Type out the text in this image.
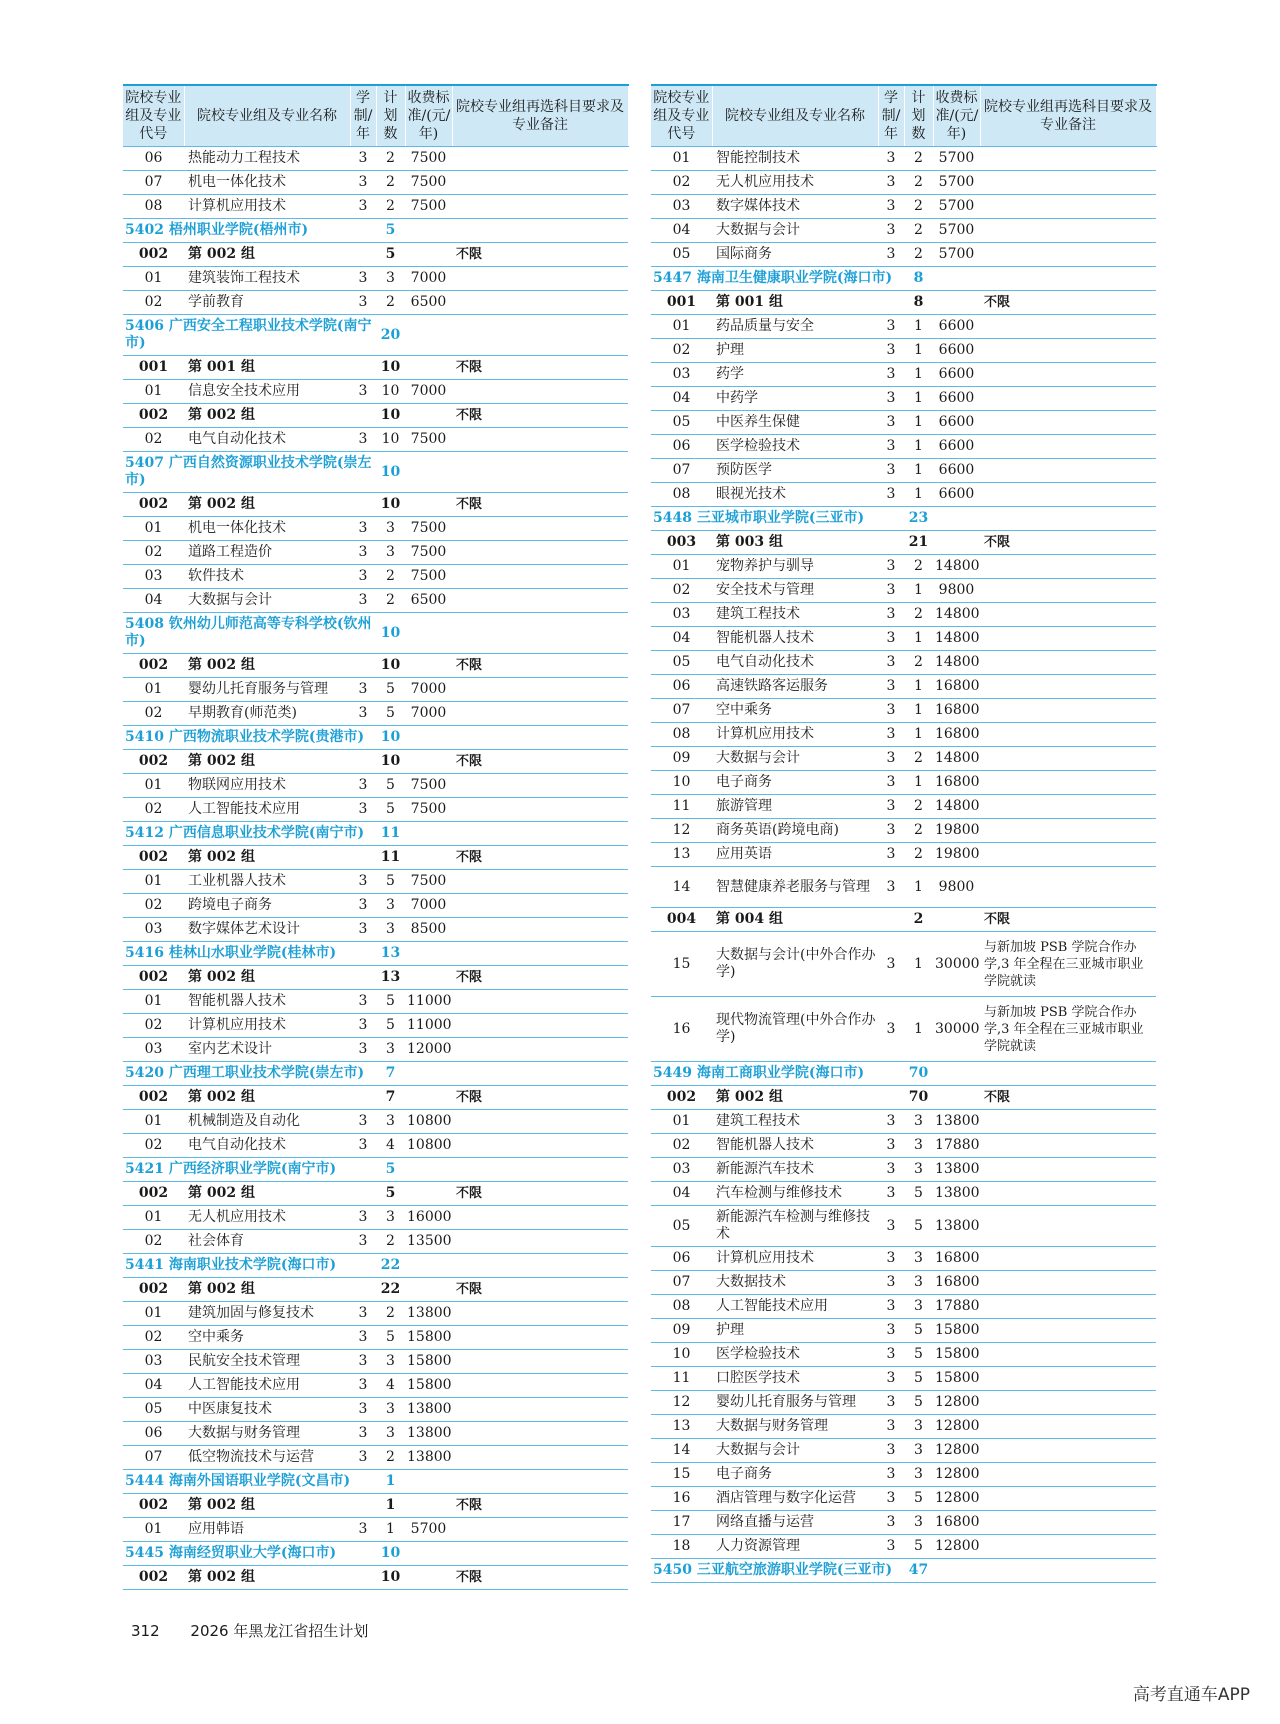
院校专业组及专业代号	院校专业组及专业名称	学制/年	计划数	收费标准/(元/年)	院校专业组再选科目要求及专业备注
06	热能动力工程技术	3	2	7500	
07	机电一体化技术	3	2	7500	
08	计算机应用技术	3	2	7500	
5402 梧州职业学院(梧州市)			5		
002	第 002 组		5		不限
01	建筑装饰工程技术	3	3	7000	
02	学前教育	3	2	6500	
5406 广西安全工程职业技术学院(南宁市)			20		
001	第 001 组		10		不限
01	信息安全技术应用	3	10	7000	
002	第 002 组		10		不限
02	电气自动化技术	3	10	7500	
5407 广西自然资源职业技术学院(崇左市)			10		
002	第 002 组		10		不限
01	机电一体化技术	3	3	7500	
02	道路工程造价	3	3	7500	
03	软件技术	3	2	7500	
04	大数据与会计	3	2	6500	
5408 钦州幼儿师范高等专科学校(钦州市)			10		
002	第 002 组		10		不限
01	婴幼儿托育服务与管理	3	5	7000	
02	早期教育(师范类)	3	5	7000	
5410 广西物流职业技术学院(贵港市)			10		
002	第 002 组		10		不限
01	物联网应用技术	3	5	7500	
02	人工智能技术应用	3	5	7500	
5412 广西信息职业技术学院(南宁市)			11		
002	第 002 组		11		不限
01	工业机器人技术	3	5	7500	
02	跨境电子商务	3	3	7000	
03	数字媒体艺术设计	3	3	8500	
5416 桂林山水职业学院(桂林市)			13		
002	第 002 组		13		不限
01	智能机器人技术	3	5	11000	
02	计算机应用技术	3	5	11000	
03	室内艺术设计	3	3	12000	
5420 广西理工职业技术学院(崇左市)			7		
002	第 002 组		7		不限
01	机械制造及自动化	3	3	10800	
02	电气自动化技术	3	4	10800	
5421 广西经济职业学院(南宁市)			5		
002	第 002 组		5		不限
01	无人机应用技术	3	3	16000	
02	社会体育	3	2	13500	
5441 海南职业技术学院(海口市)			22		
002	第 002 组		22		不限
01	建筑加固与修复技术	3	2	13800	
02	空中乘务	3	5	15800	
03	民航安全技术管理	3	3	15800	
04	人工智能技术应用	3	4	15800	
05	中医康复技术	3	3	13800	
06	大数据与财务管理	3	3	13800	
07	低空物流技术与运营	3	2	13800	
5444 海南外国语职业学院(文昌市)			1		
002	第 002 组		1		不限
01	应用韩语	3	1	5700	
5445 海南经贸职业大学(海口市)			10		
002	第 002 组		10		不限
院校专业组及专业代号	院校专业组及专业名称	学制/年	计划数	收费标准/(元/年)	院校专业组再选科目要求及专业备注
01	智能控制技术	3	2	5700	
02	无人机应用技术	3	2	5700	
03	数字媒体技术	3	2	5700	
04	大数据与会计	3	2	5700	
05	国际商务	3	2	5700	
5447 海南卫生健康职业学院(海口市)			8		
001	第 001 组		8		不限
01	药品质量与安全	3	1	6600	
02	护理	3	1	6600	
03	药学	3	1	6600	
04	中药学	3	1	6600	
05	中医养生保健	3	1	6600	
06	医学检验技术	3	1	6600	
07	预防医学	3	1	6600	
08	眼视光技术	3	1	6600	
5448 三亚城市职业学院(三亚市)			23		
003	第 003 组		21		不限
01	宠物养护与驯导	3	2	14800	
02	安全技术与管理	3	1	9800	
03	建筑工程技术	3	2	14800	
04	智能机器人技术	3	1	14800	
05	电气自动化技术	3	2	14800	
06	高速铁路客运服务	3	1	16800	
07	空中乘务	3	1	16800	
08	计算机应用技术	3	1	16800	
09	大数据与会计	3	2	14800	
10	电子商务	3	1	16800	
11	旅游管理	3	2	14800	
12	商务英语(跨境电商)	3	2	19800	
13	应用英语	3	2	19800	
14	智慧健康养老服务与管理	3	1	9800	
004	第 004 组		2		不限
15	大数据与会计(中外合作办学)	3	1	30000	与新加坡 PSB 学院合作办学,3 年全程在三亚城市职业学院就读
16	现代物流管理(中外合作办学)	3	1	30000	与新加坡 PSB 学院合作办学,3 年全程在三亚城市职业学院就读
5449 海南工商职业学院(海口市)			70		
002	第 002 组		70		不限
01	建筑工程技术	3	3	13800	
02	智能机器人技术	3	3	17880	
03	新能源汽车技术	3	3	13800	
04	汽车检测与维修技术	3	5	13800	
05	新能源汽车检测与维修技术	3	5	13800	
06	计算机应用技术	3	3	16800	
07	大数据技术	3	3	16800	
08	人工智能技术应用	3	3	17880	
09	护理	3	5	15800	
10	医学检验技术	3	5	15800	
11	口腔医学技术	3	5	15800	
12	婴幼儿托育服务与管理	3	5	12800	
13	大数据与财务管理	3	3	12800	
14	大数据与会计	3	3	12800	
15	电子商务	3	3	12800	
16	酒店管理与数字化运营	3	5	12800	
17	网络直播与运营	3	3	16800	
18	人力资源管理	3	5	12800	
5450 三亚航空旅游职业学院(三亚市)			47		
312 2026 年黑龙江省招生计划
高考直通车APP
